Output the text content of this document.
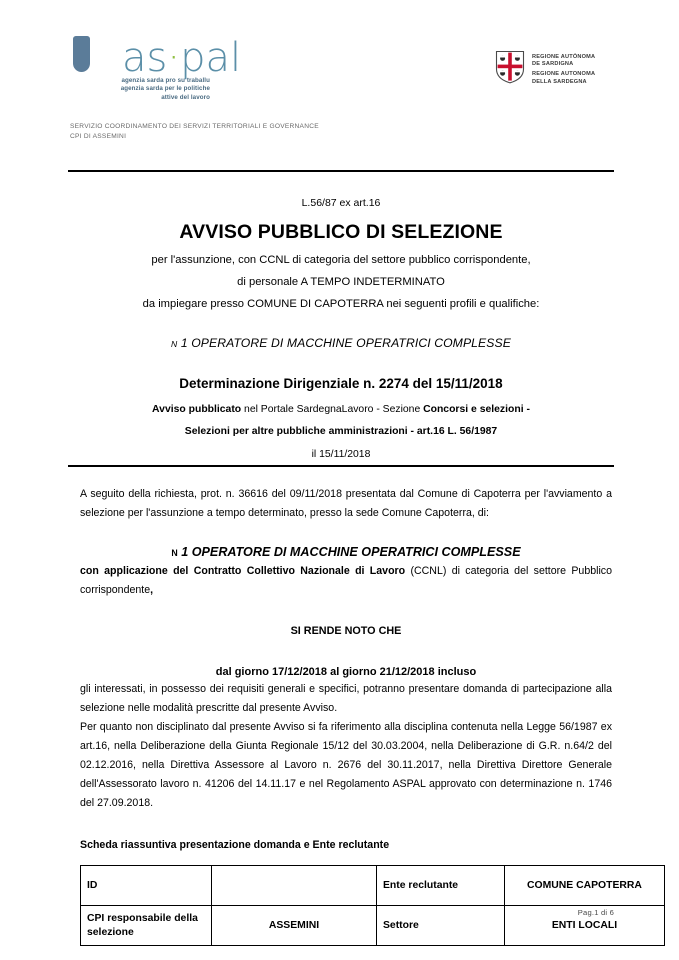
as·pal
agenzia sarda pro su traballu
agenzia sarda per le politiche
attive del lavoro
REGIONE AUTÒNOMA
DE SARDIGNA
REGIONE AUTONOMA
DELLA SARDEGNA
SERVIZIO COORDINAMENTO DEI SERVIZI TERRITORIALI E GOVERNANCE
CPI DI ASSEMINI
L.56/87 ex art.16
AVVISO PUBBLICO DI SELEZIONE
per l'assunzione, con CCNL di categoria del settore pubblico corrispondente,
di personale A TEMPO INDETERMINATO
da impiegare presso COMUNE DI CAPOTERRA nei seguenti profili e qualifiche:
N 1 OPERATORE DI MACCHINE OPERATRICI COMPLESSE
Determinazione Dirigenziale n. 2274 del 15/11/2018
Avviso pubblicato nel Portale SardegnaLavoro - Sezione Concorsi e selezioni -
Selezioni per altre pubbliche amministrazioni - art.16 L. 56/1987
il 15/11/2018

A seguito della richiesta, prot. n. 36616 del 09/11/2018 presentata dal Comune di Capoterra per l'avviamento a selezione per l'assunzione a tempo determinato, presso la sede Comune Capoterra, di:

N 1 OPERATORE DI MACCHINE OPERATRICI COMPLESSE

con applicazione del Contratto Collettivo Nazionale di Lavoro (CCNL) di categoria del settore Pubblico corrispondente,

SI RENDE NOTO CHE
dal giorno 17/12/2018 al giorno 21/12/2018 incluso

gli interessati, in possesso dei requisiti generali e specifici, potranno presentare domanda di partecipazione alla selezione nelle modalità prescritte dal presente Avviso.

Per quanto non disciplinato dal presente Avviso si fa riferimento alla disciplina contenuta nella Legge 56/1987 ex art.16, nella Deliberazione della Giunta Regionale 15/12 del 30.03.2004, nella Deliberazione di G.R. n.64/2 del 02.12.2016, nella Direttiva Assessore al Lavoro n. 2676 del 30.11.2017, nella Direttiva Direttore Generale dell'Assessorato lavoro n. 41206 del 14.11.17 e nel Regolamento ASPAL approvato con determinazione n. 1746 del 27.09.2018.

Scheda riassuntiva presentazione domanda e Ente reclutante
ID		Ente reclutante	COMUNE CAPOTERRA
CPI responsabile della selezione	ASSEMINI	Settore	ENTI LOCALI
Pag.1 di 6
